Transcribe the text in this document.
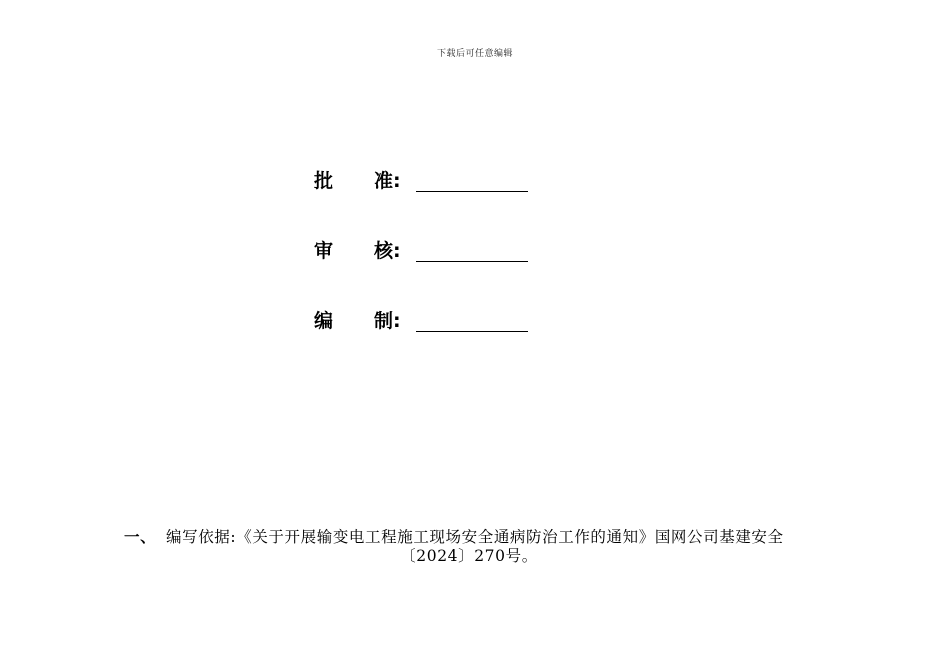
下载后可任意编辑
批	准 :
审	核 :
编	制 :
一、 编写依据:《关于开展输变电工程施工现场安全通病防治工作的通知》国网公司基建安全
〔2024〕270号。
